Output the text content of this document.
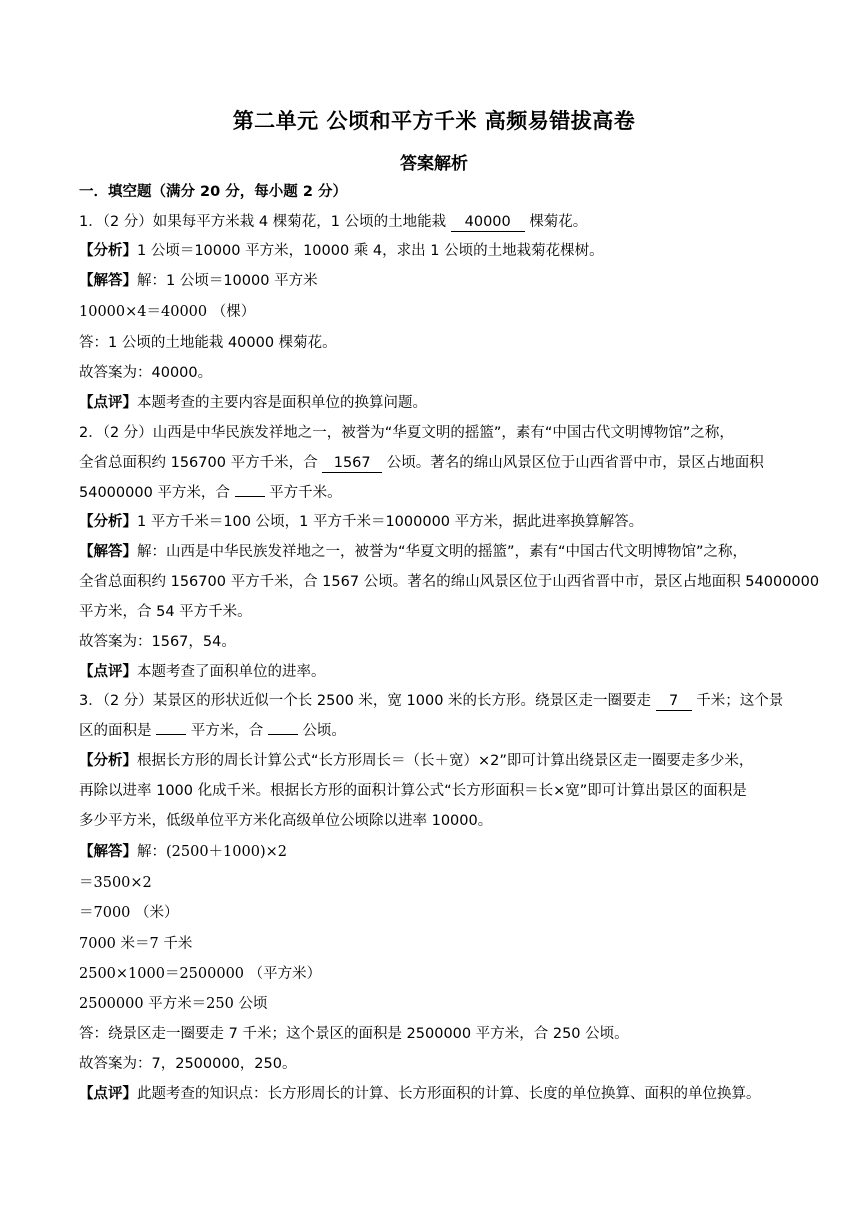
第二单元 公顷和平方千米 高频易错拔高卷
答案解析
一．填空题（满分 20 分，每小题 2 分）
1．（2 分）如果每平方米栽 4 棵菊花，1 公顷的土地能栽 40000 棵菊花。
【分析】1 公顷＝10000 平方米，10000 乘 4，求出 1 公顷的土地栽菊花棵树。
【解答】解：1 公顷＝10000 平方米
10000×4＝40000 （棵）
答：1 公顷的土地能栽 40000 棵菊花。
故答案为：40000。
【点评】本题考查的主要内容是面积单位的换算问题。
2．（2 分）山西是中华民族发祥地之一，被誉为“华夏文明的摇篮”，素有“中国古代文明博物馆”之称，
全省总面积约 156700 平方千米，合 1567 公顷。著名的绵山风景区位于山西省晋中市，景区占地面积
54000000 平方米，合	平方千米。
【分析】1 平方千米＝100 公顷，1 平方千米＝1000000 平方米，据此进率换算解答。
【解答】解：山西是中华民族发祥地之一，被誉为“华夏文明的摇篮”，素有“中国古代文明博物馆”之称，
全省总面积约 156700 平方千米，合 1567 公顷。著名的绵山风景区位于山西省晋中市，景区占地面积 54000000
平方米，合 54 平方千米。
故答案为：1567，54。
【点评】本题考查了面积单位的进率。
3．（2 分）某景区的形状近似一个长 2500 米，宽 1000 米的长方形。绕景区走一圈要走 7 千米；这个景
区的面积是	平方米，合	公顷。
【分析】根据长方形的周长计算公式“长方形周长＝（长＋宽）×2”即可计算出绕景区走一圈要走多少米，
再除以进率 1000 化成千米。根据长方形的面积计算公式“长方形面积＝长×宽”即可计算出景区的面积是
多少平方米，低级单位平方米化高级单位公顷除以进率 10000。
【解答】解：(2500＋1000)×2
＝3500×2
＝7000 （米）
7000 米＝7 千米
2500×1000＝2500000 （平方米）
2500000 平方米＝250 公顷
答：绕景区走一圈要走 7 千米；这个景区的面积是 2500000 平方米，合 250 公顷。
故答案为：7，2500000，250。
【点评】此题考查的知识点：长方形周长的计算、长方形面积的计算、长度的单位换算、面积的单位换算。
